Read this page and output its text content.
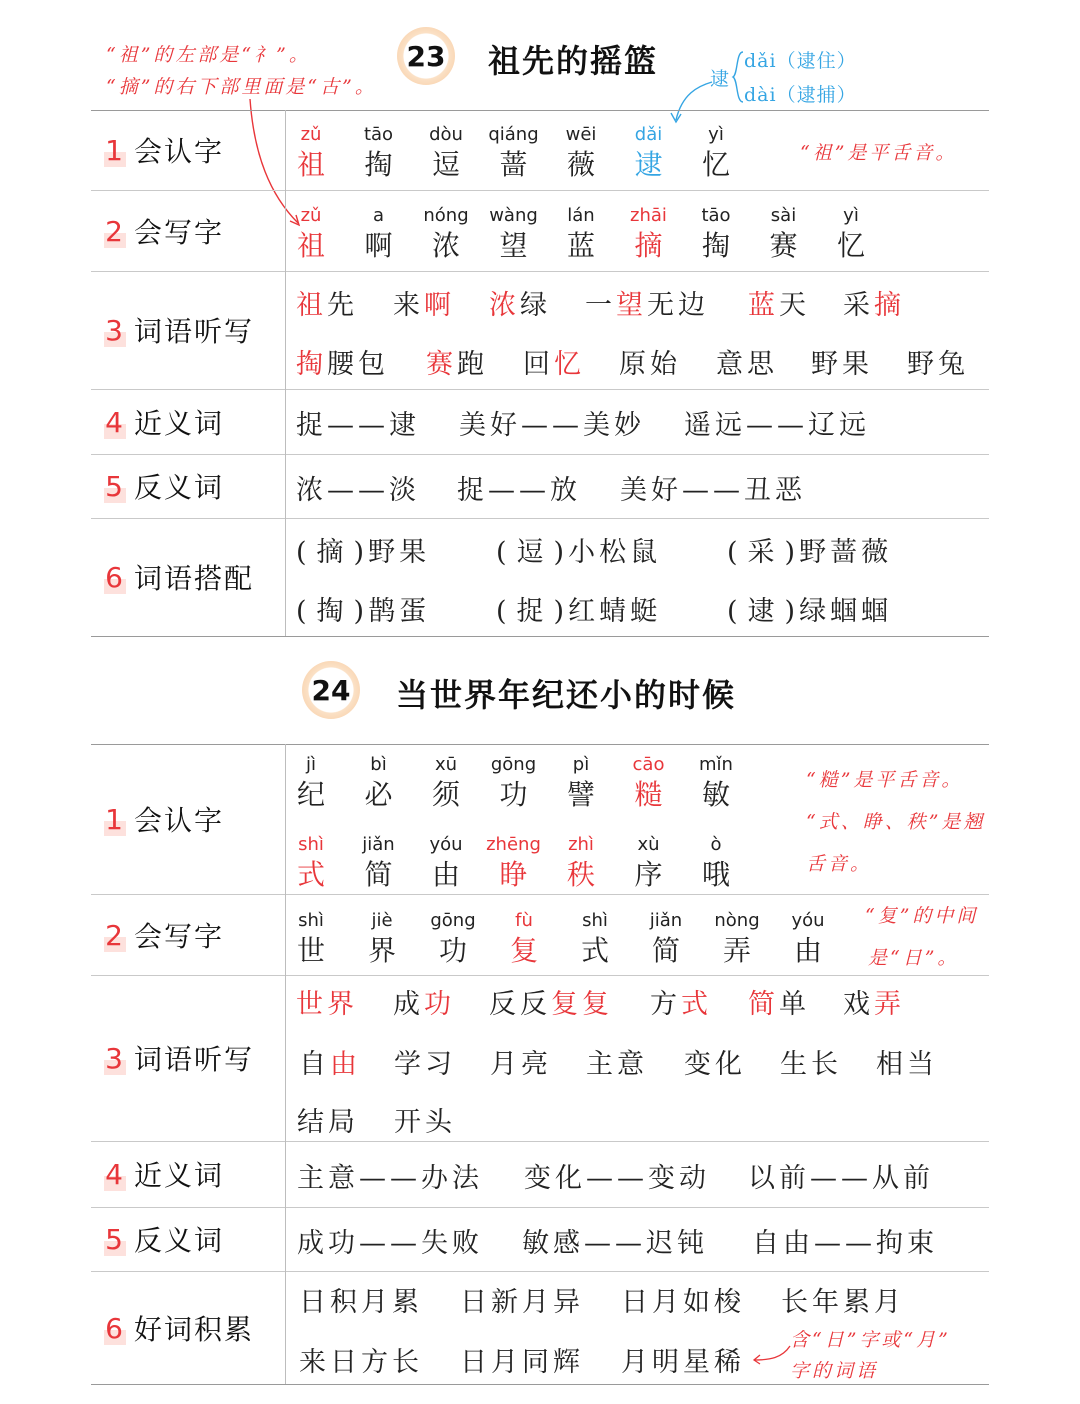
“祖”的左部是“礻”。
“摘”的右下部里面是“古”。
23 祖先的摇篮	逮
dǎi（逮住）
dài（逮捕）
1 会认字
2 会写字
3 词语听写
4 近义词
5 反义词
6 词语搭配
zǔ
祖
tāo
掏
dòu
逗
qiáng
蔷
wēi
薇
dǎi
逮
yì
忆	“祖”是平舌音。
zǔ
祖
a
啊
nóng
浓
wàng
望
lán
蓝
zhāi
摘
tāo
掏
sài
赛
yì
忆
祖先 来啊 浓绿 一望无边 蓝天 采摘
掏腰包 赛跑 回忆 原始 意思 野果 野兔
捉——逮 美好——美妙 遥远——辽远
浓——淡 捉——放 美好——丑恶
( 摘 )野果 ( 逗 )小松鼠 ( 采 )野蔷薇
( 掏 )鹊蛋 ( 捉 )红蜻蜓 ( 逮 )绿蝈蝈
24 当世界年纪还小的时候
1 会认字
2 会写字
3 词语听写
4 近义词
5 反义词
6 好词积累
jì
纪
bì
必
xū
须
gōng
功
pì
譬
cāo
糙
mǐn
敏
shì
式
jiǎn
简
yóu
由
zhēng
睁
zhì
秩
xù
序
ò
哦
“糙”是平舌音。
“式、睁、秩”是翘
舌音。
shì
世
jiè
界
gōng
功
fù
复
shì
式
jiǎn
简
nòng
弄
yóu
由
“复”的中间
是“日”。
世界 成功 反反复复 方式 简单 戏弄
自由 学习 月亮 主意 变化 生长 相当
结局 开头
主意——办法 变化——变动 以前——从前
成功——失败 敏感——迟钝 自由——拘束
日积月累 日新月异 日月如梭 长年累月
来日方长 日月同辉 月明星稀
含“日”字或“月”
字的词语
